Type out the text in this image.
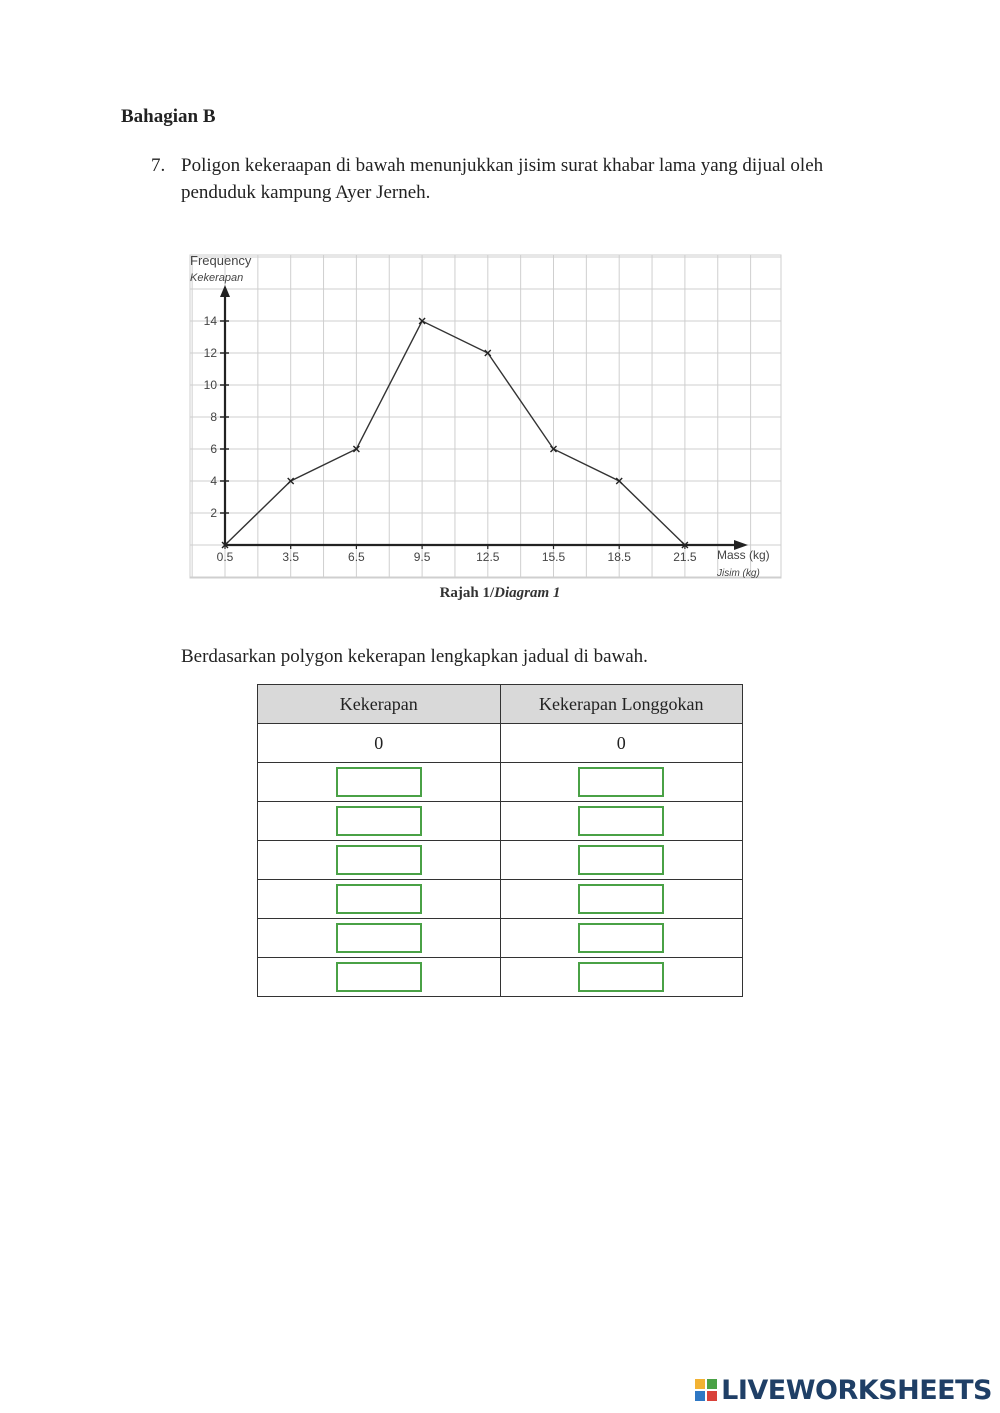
Bahagian B
7. Poligon kekeraapan di bawah menunjukkan jisim surat khabar lama yang dijual oleh penduduk kampung Ayer Jerneh.
2
4
6
8
10
12
14
0.5	3.5	6.5	9.5	12.5	15.5	18.5	21.5
Frequency
Kekerapan
Mass (kg)
Jisim (kg)
Rajah 1/Diagram 1
Berdasarkan polygon kekerapan lengkapkan jadual di bawah.
Kekerapan	Kekerapan Longgokan
0	0

LIVEWORKSHEETS
